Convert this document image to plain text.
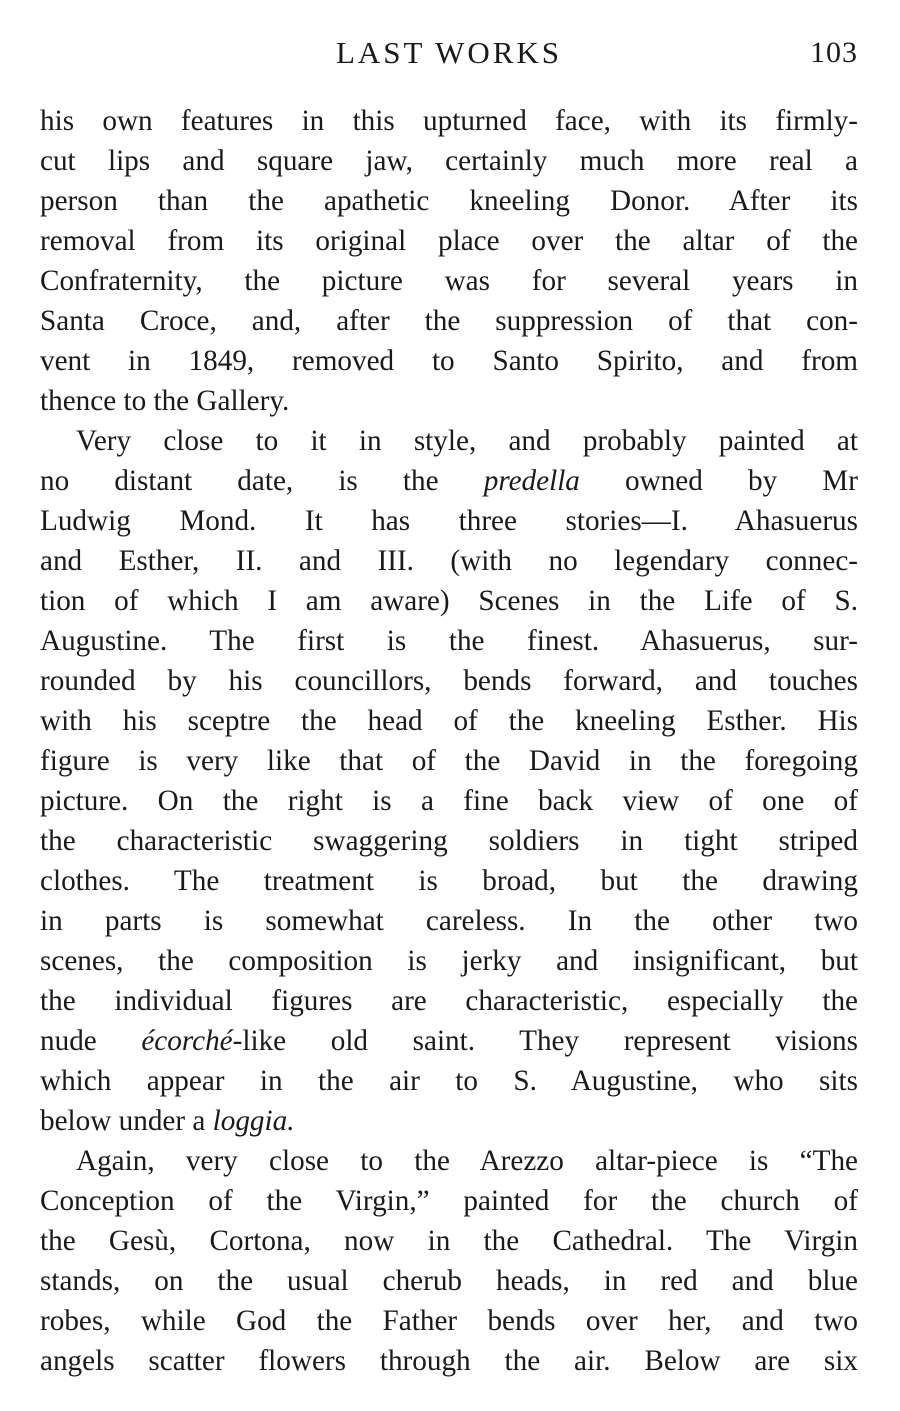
LAST WORKS	103
his own features in this upturned face, with its firmly-
cut lips and square jaw, certainly much more real a
person than the apathetic kneeling Donor. After its
removal from its original place over the altar of the
Confraternity, the picture was for several years in
Santa Croce, and, after the suppression of that con-
vent in 1849, removed to Santo Spirito, and from
thence to the Gallery.
Very close to it in style, and probably painted at
no distant date, is the predella owned by Mr
Ludwig Mond. It has three stories—I. Ahasuerus
and Esther, II. and III. (with no legendary connec-
tion of which I am aware) Scenes in the Life of S.
Augustine. The first is the finest. Ahasuerus, sur-
rounded by his councillors, bends forward, and touches
with his sceptre the head of the kneeling Esther. His
figure is very like that of the David in the foregoing
picture. On the right is a fine back view of one of
the characteristic swaggering soldiers in tight striped
clothes. The treatment is broad, but the drawing
in parts is somewhat careless. In the other two
scenes, the composition is jerky and insignificant, but
the individual figures are characteristic, especially the
nude écorché-like old saint. They represent visions
which appear in the air to S. Augustine, who sits
below under a loggia.
Again, very close to the Arezzo altar-piece is “The
Conception of the Virgin,” painted for the church of
the Gesù, Cortona, now in the Cathedral. The Virgin
stands, on the usual cherub heads, in red and blue
robes, while God the Father bends over her, and two
angels scatter flowers through the air. Below are six
